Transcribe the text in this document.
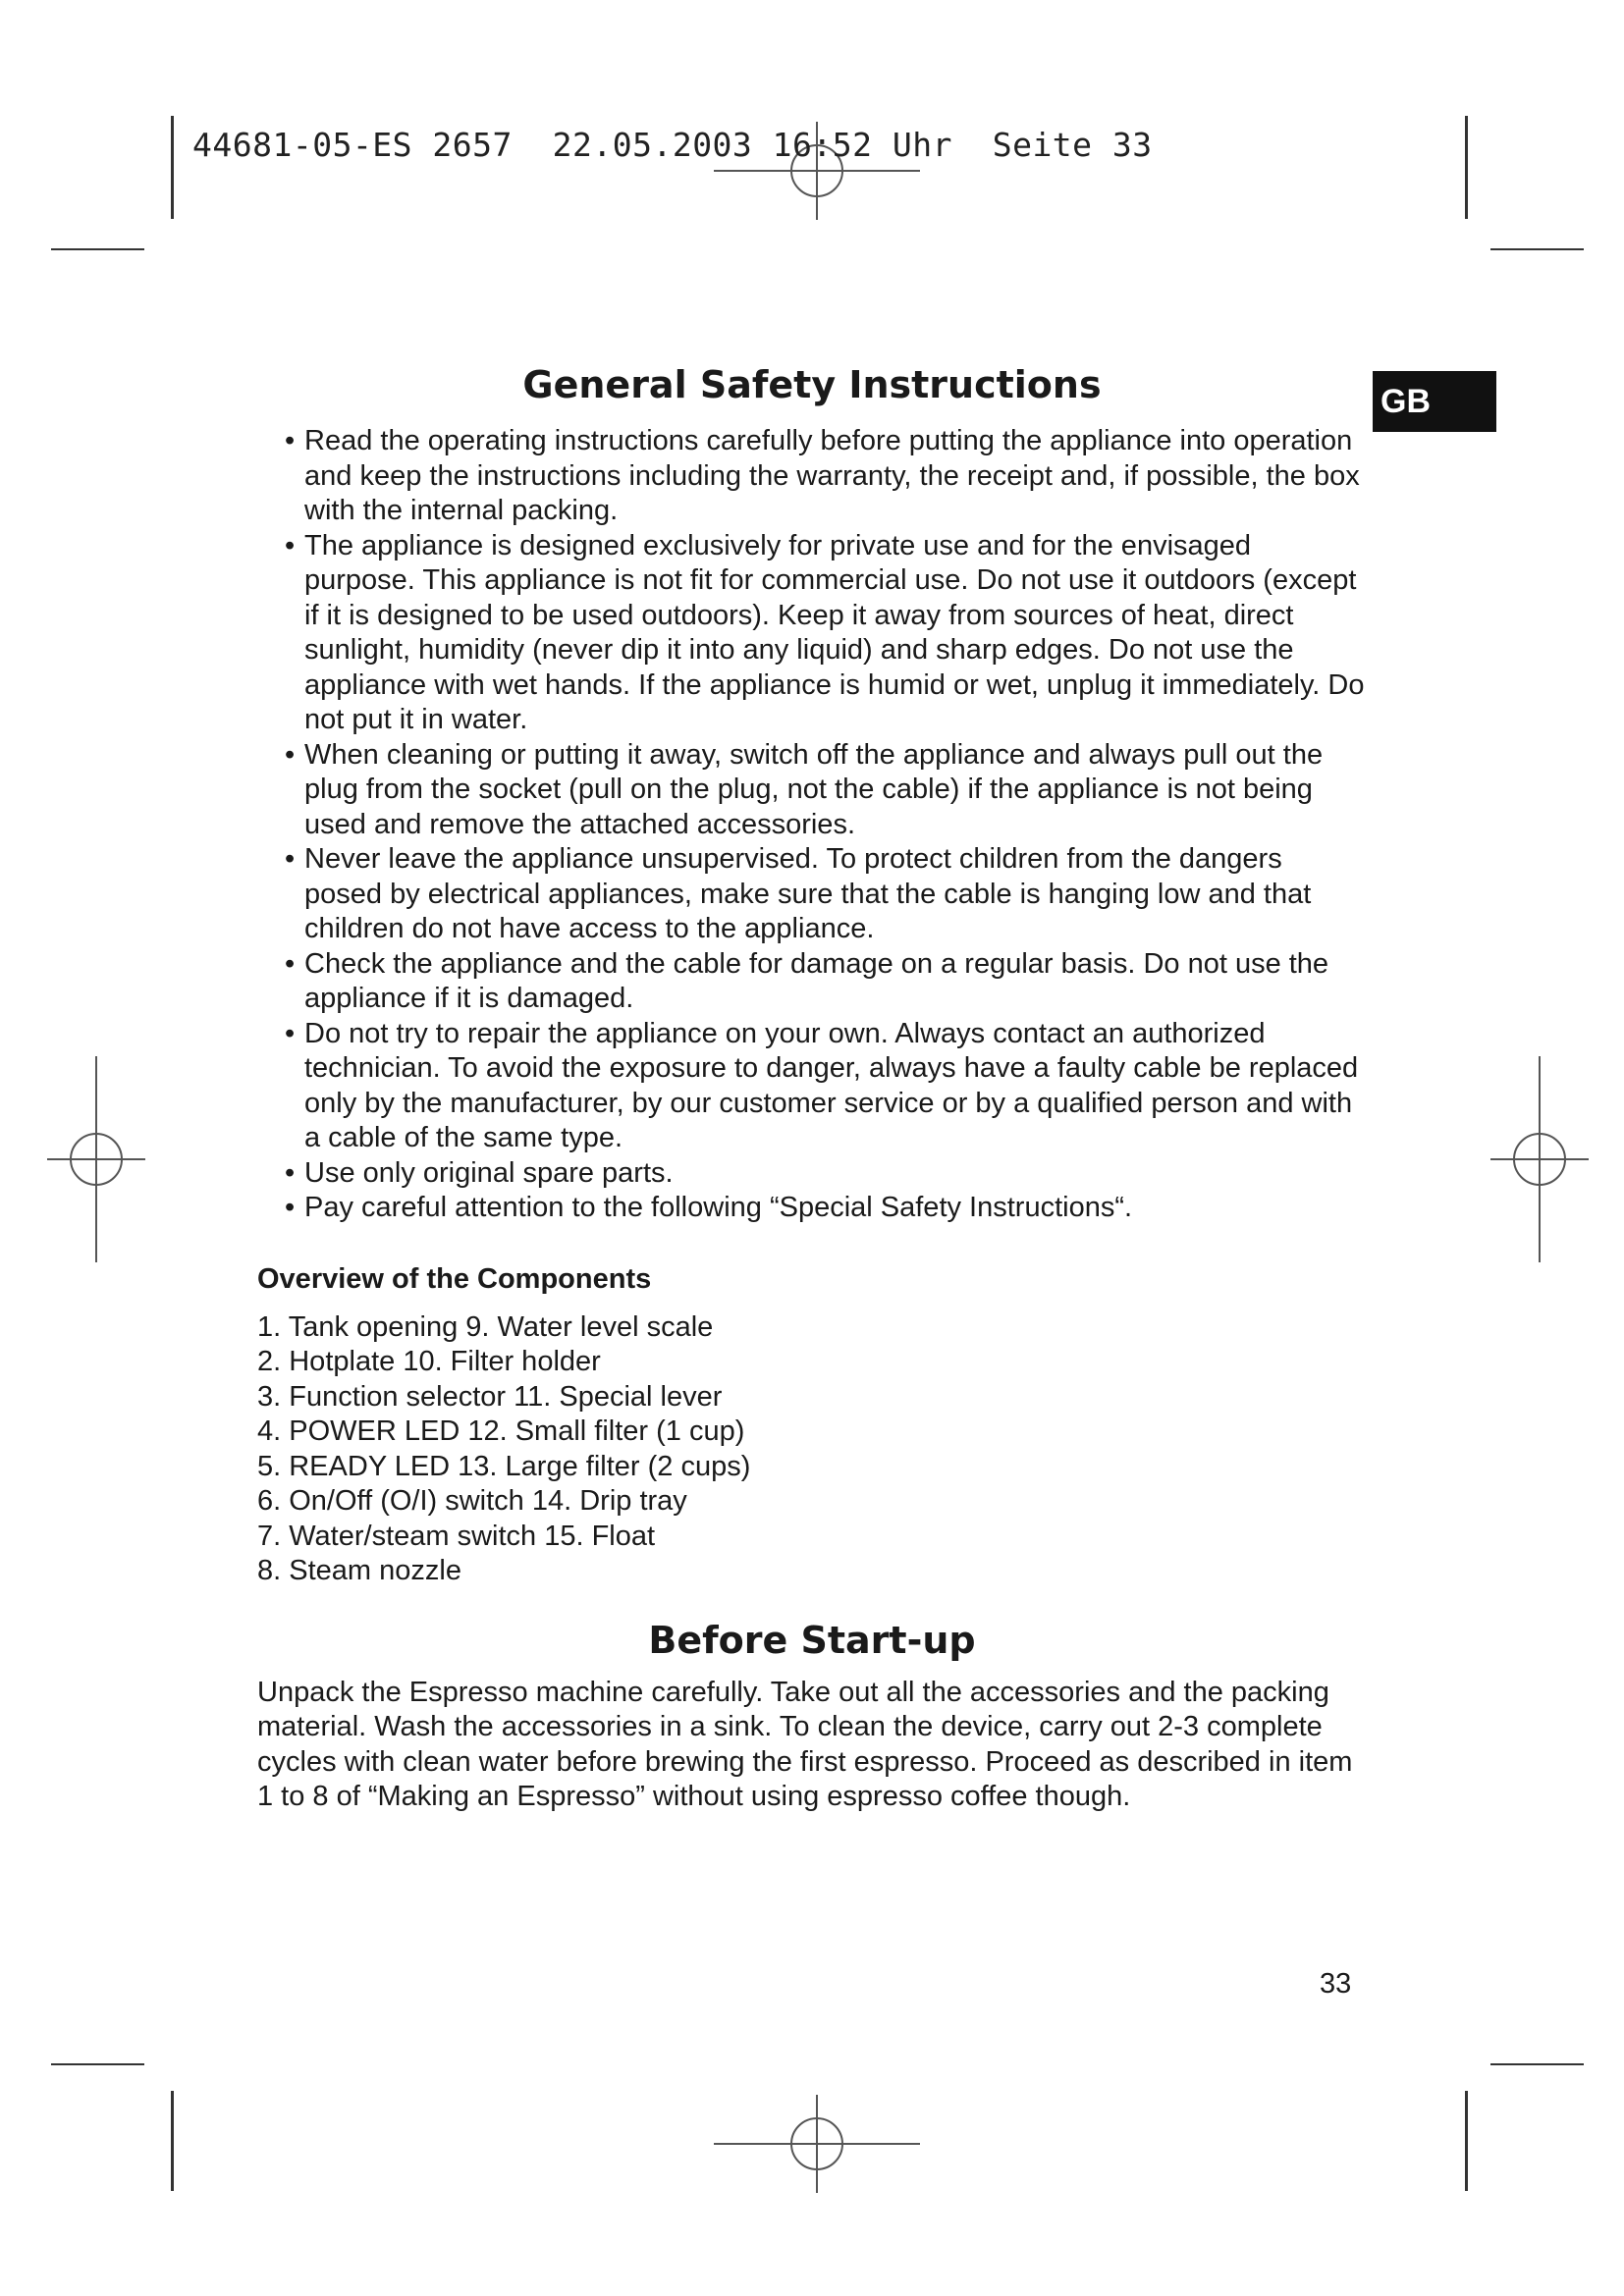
44681-05-ES 2657  22.05.2003 16:52 Uhr  Seite 33
GB
General Safety Instructions
• Read the operating instructions carefully before putting the appliance into operation and keep the instructions including the warranty, the receipt and, if possible, the box with the internal packing.
• The appliance is designed exclusively for private use and for the envisaged purpose. This appliance is not fit for commercial use. Do not use it outdoors (except if it is designed to be used outdoors). Keep it away from sources of heat, direct sunlight, humidity (never dip it into any liquid) and sharp edges. Do not use the appliance with wet hands. If the appliance is humid or wet, unplug it immediately. Do not put it in water.
• When cleaning or putting it away, switch off the appliance and always pull out the plug from the socket (pull on the plug, not the cable) if the appliance is not being used and remove the attached accessories.
• Never leave the appliance unsupervised. To protect children from the dangers posed by electrical appliances, make sure that the cable is hanging low and that children do not have access to the appliance.
• Check the appliance and the cable for damage on a regular basis. Do not use the appliance if it is damaged.
• Do not try to repair the appliance on your own. Always contact an authorized technician. To avoid the exposure to danger, always have a faulty cable be replaced only by the manufacturer, by our customer service or by a qualified person and with a cable of the same type.
• Use only original spare parts.
• Pay careful attention to the following “Special Safety Instructions“.
Overview of the Components
1. Tank opening 9. Water level scale
2. Hotplate 10. Filter holder
3. Function selector 11. Special lever
4. POWER LED 12. Small filter (1 cup)
5. READY LED 13. Large filter (2 cups)
6. On/Off (O/I) switch 14. Drip tray
7. Water/steam switch 15. Float
8. Steam nozzle
Before Start-up

Unpack the Espresso machine carefully. Take out all the accessories and the packing material. Wash the accessories in a sink. To clean the device, carry out 2-3 complete cycles with clean water before brewing the first espresso. Proceed as described in item 1 to 8 of “Making an Espresso” without using espresso coffee though.

33
